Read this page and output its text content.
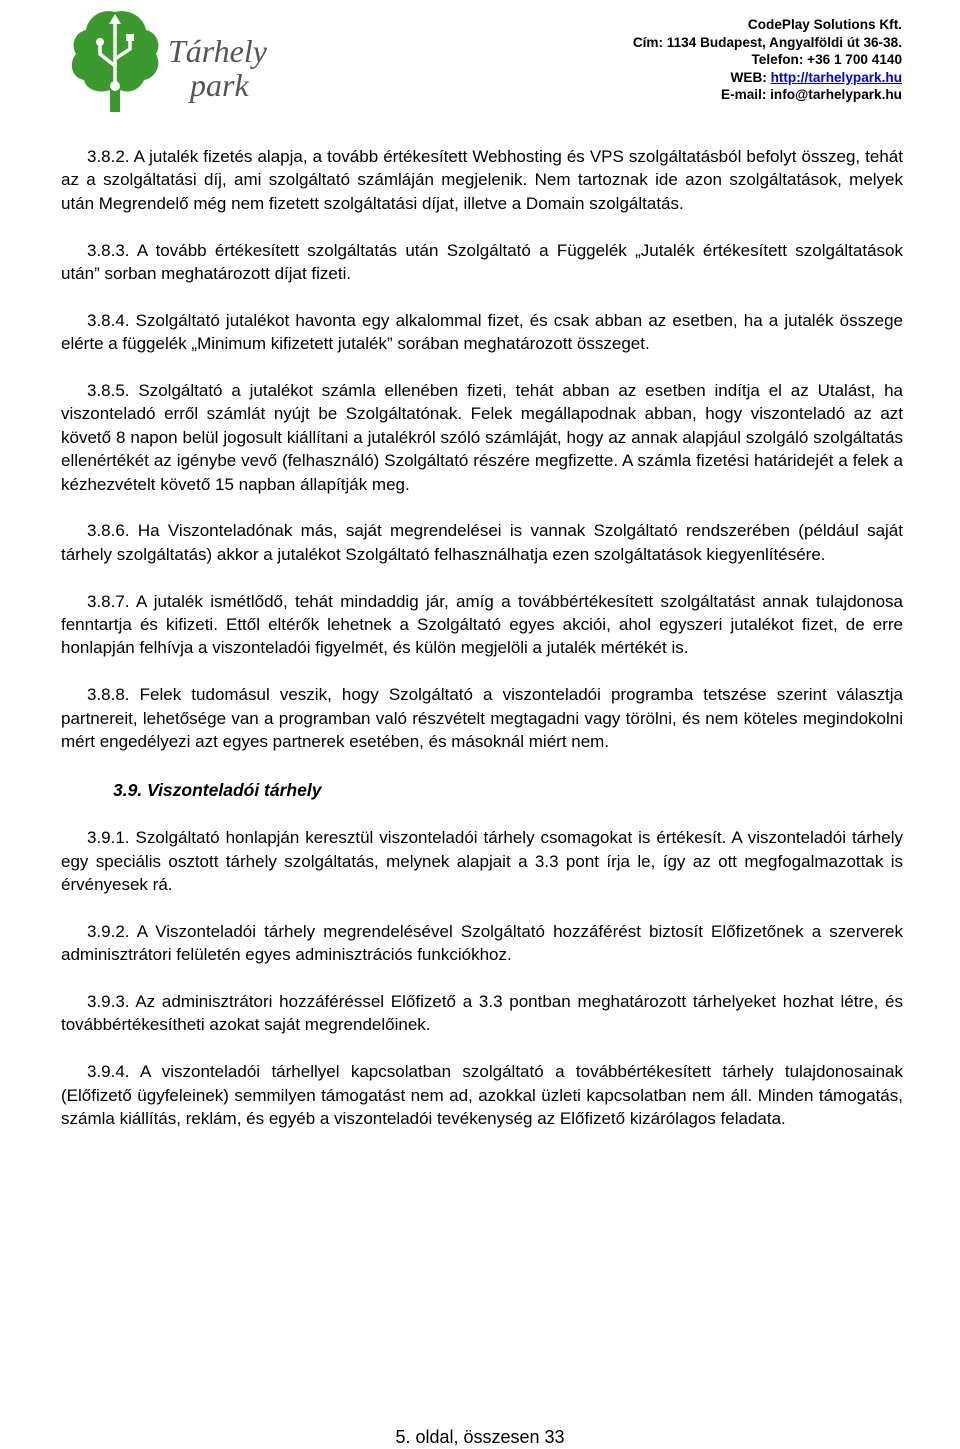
Tárhely
park
CodePlay Solutions Kft.
Cím: 1134 Budapest, Angyalföldi út 36-38.
Telefon: +36 1 700 4140
WEB: http://tarhelypark.hu
E-mail: info@tarhelypark.hu

3.8.2. A jutalék fizetés alapja, a tovább értékesített Webhosting és VPS szolgáltatásból befolyt összeg, tehát az a szolgáltatási díj, ami szolgáltató számláján megjelenik. Nem tartoznak ide azon szolgáltatások, melyek után Megrendelő még nem fizetett szolgáltatási díjat, illetve a Domain szolgáltatás.

3.8.3. A tovább értékesített szolgáltatás után Szolgáltató a Függelék „Jutalék értékesített szolgáltatások után” sorban meghatározott díjat fizeti.

3.8.4. Szolgáltató jutalékot havonta egy alkalommal fizet, és csak abban az esetben, ha a jutalék összege elérte a függelék „Minimum kifizetett jutalék” sorában meghatározott összeget.

3.8.5. Szolgáltató a jutalékot számla ellenében fizeti, tehát abban az esetben indítja el az Utalást, ha viszonteladó erről számlát nyújt be Szolgáltatónak. Felek megállapodnak abban, hogy viszonteladó az azt követő 8 napon belül jogosult kiállítani a jutalékról szóló számláját, hogy az annak alapjául szolgáló szolgáltatás ellenértékét az igénybe vevő (felhasználó) Szolgáltató részére megfizette. A számla fizetési határidejét a felek a kézhezvételt követő 15 napban állapítják meg.

3.8.6. Ha Viszonteladónak más, saját megrendelései is vannak Szolgáltató rendszerében (például saját tárhely szolgáltatás) akkor a jutalékot Szolgáltató felhasználhatja ezen szolgáltatások kiegyenlítésére.

3.8.7. A jutalék ismétlődő, tehát mindaddig jár, amíg a továbbértékesített szolgáltatást annak tulajdonosa fenntartja és kifizeti. Ettől eltérők lehetnek a Szolgáltató egyes akciói, ahol egyszeri jutalékot fizet, de erre honlapján felhívja a viszonteladói figyelmét, és külön megjelöli a jutalék mértékét is.

3.8.8. Felek tudomásul veszik, hogy Szolgáltató a viszonteladói programba tetszése szerint választja partnereit, lehetősége van a programban való részvételt megtagadni vagy törölni, és nem köteles megindokolni mért engedélyezi azt egyes partnerek esetében, és másoknál miért nem.

3.9. Viszonteladói tárhely

3.9.1. Szolgáltató honlapján keresztül viszonteladói tárhely csomagokat is értékesít. A viszonteladói tárhely egy speciális osztott tárhely szolgáltatás, melynek alapjait a 3.3 pont írja le, így az ott megfogalmazottak is érvényesek rá.

3.9.2. A Viszonteladói tárhely megrendelésével Szolgáltató hozzáférést biztosít Előfizetőnek a szerverek adminisztrátori felületén egyes adminisztrációs funkciókhoz.

3.9.3. Az adminisztrátori hozzáféréssel Előfizető a 3.3 pontban meghatározott tárhelyeket hozhat létre, és továbbértékesítheti azokat saját megrendelőinek.

3.9.4. A viszonteladói tárhellyel kapcsolatban szolgáltató a továbbértékesített tárhely tulajdonosainak (Előfizető ügyfeleinek) semmilyen támogatást nem ad, azokkal üzleti kapcsolatban nem áll. Minden támogatás, számla kiállítás, reklám, és egyéb a viszonteladói tevékenység az Előfizető kizárólagos feladata.

5. oldal, összesen 33
